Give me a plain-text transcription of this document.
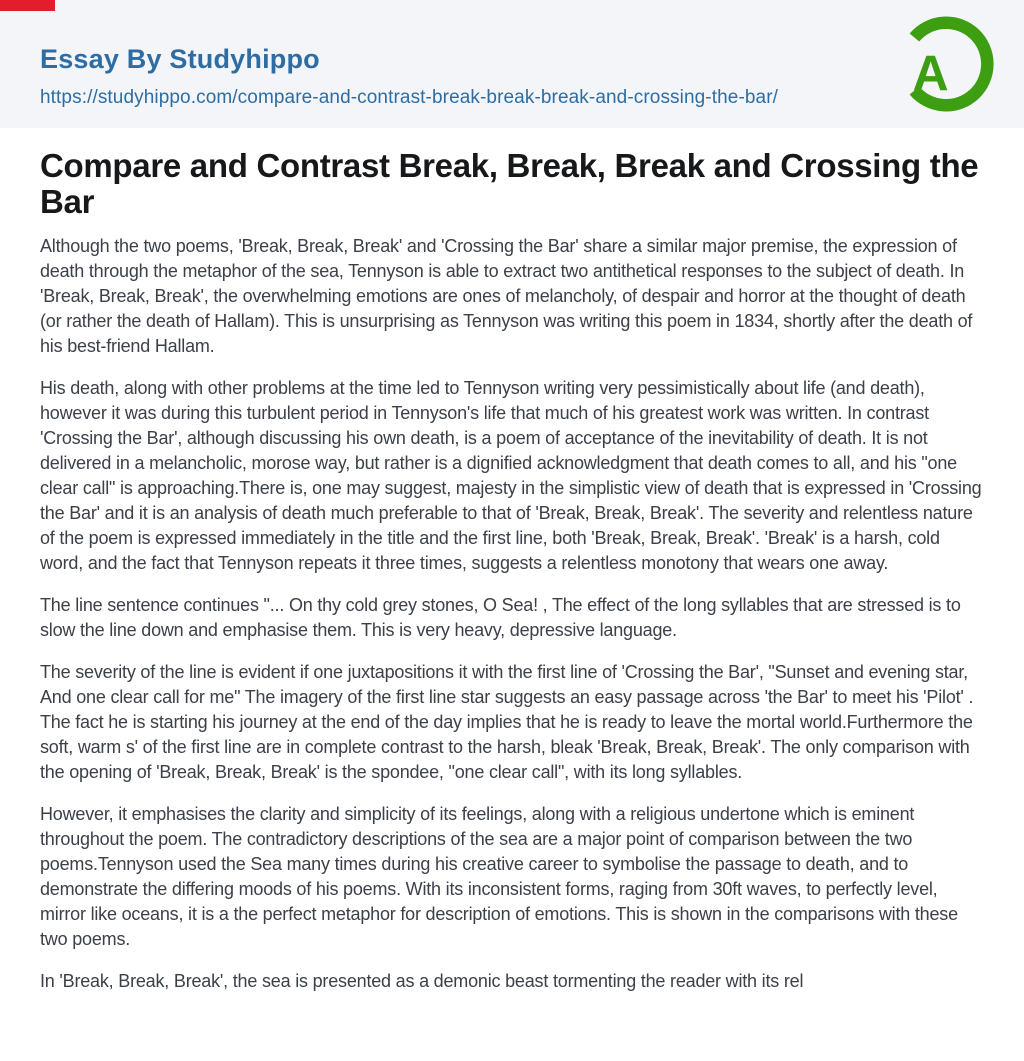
Essay By Studyhippo
https://studyhippo.com/compare-and-contrast-break-break-break-and-crossing-the-bar/	A
Compare and Contrast Break, Break, Break and Crossing the Bar

Although the two poems, 'Break, Break, Break' and 'Crossing the Bar' share a similar major premise, the expression of death through the metaphor of the sea, Tennyson is able to extract two antithetical responses to the subject of death. In 'Break, Break, Break', the overwhelming emotions are ones of melancholy, of despair and horror at the thought of death (or rather the death of Hallam). This is unsurprising as Tennyson was writing this poem in 1834, shortly after the death of his best-friend Hallam.

His death, along with other problems at the time led to Tennyson writing very pessimistically about life (and death), however it was during this turbulent period in Tennyson's life that much of his greatest work was written. In contrast 'Crossing the Bar', although discussing his own death, is a poem of acceptance of the inevitability of death. It is not delivered in a melancholic, morose way, but rather is a dignified acknowledgment that death comes to all, and his "one clear call" is approaching.There is, one may suggest, majesty in the simplistic view of death that is expressed in 'Crossing the Bar' and it is an analysis of death much preferable to that of 'Break, Break, Break'. The severity and relentless nature of the poem is expressed immediately in the title and the first line, both 'Break, Break, Break'. 'Break' is a harsh, cold word, and the fact that Tennyson repeats it three times, suggests a relentless monotony that wears one away.

The line sentence continues "... On thy cold grey stones, O Sea! , The effect of the long syllables that are stressed is to slow the line down and emphasise them. This is very heavy, depressive language.

The severity of the line is evident if one juxtapositions it with the first line of 'Crossing the Bar', "Sunset and evening star, And one clear call for me" The imagery of the first line star suggests an easy passage across 'the Bar' to meet his 'Pilot' . The fact he is starting his journey at the end of the day implies that he is ready to leave the mortal world.Furthermore the soft, warm s' of the first line are in complete contrast to the harsh, bleak 'Break, Break, Break'. The only comparison with the opening of 'Break, Break, Break' is the spondee, "one clear call", with its long syllables.

However, it emphasises the clarity and simplicity of its feelings, along with a religious undertone which is eminent throughout the poem. The contradictory descriptions of the sea are a major point of comparison between the two poems.Tennyson used the Sea many times during his creative career to symbolise the passage to death, and to demonstrate the differing moods of his poems. With its inconsistent forms, raging from 30ft waves, to perfectly level, mirror like oceans, it is a the perfect metaphor for description of emotions. This is shown in the comparisons with these two poems.

In 'Break, Break, Break', the sea is presented as a demonic beast tormenting the reader with its rel
